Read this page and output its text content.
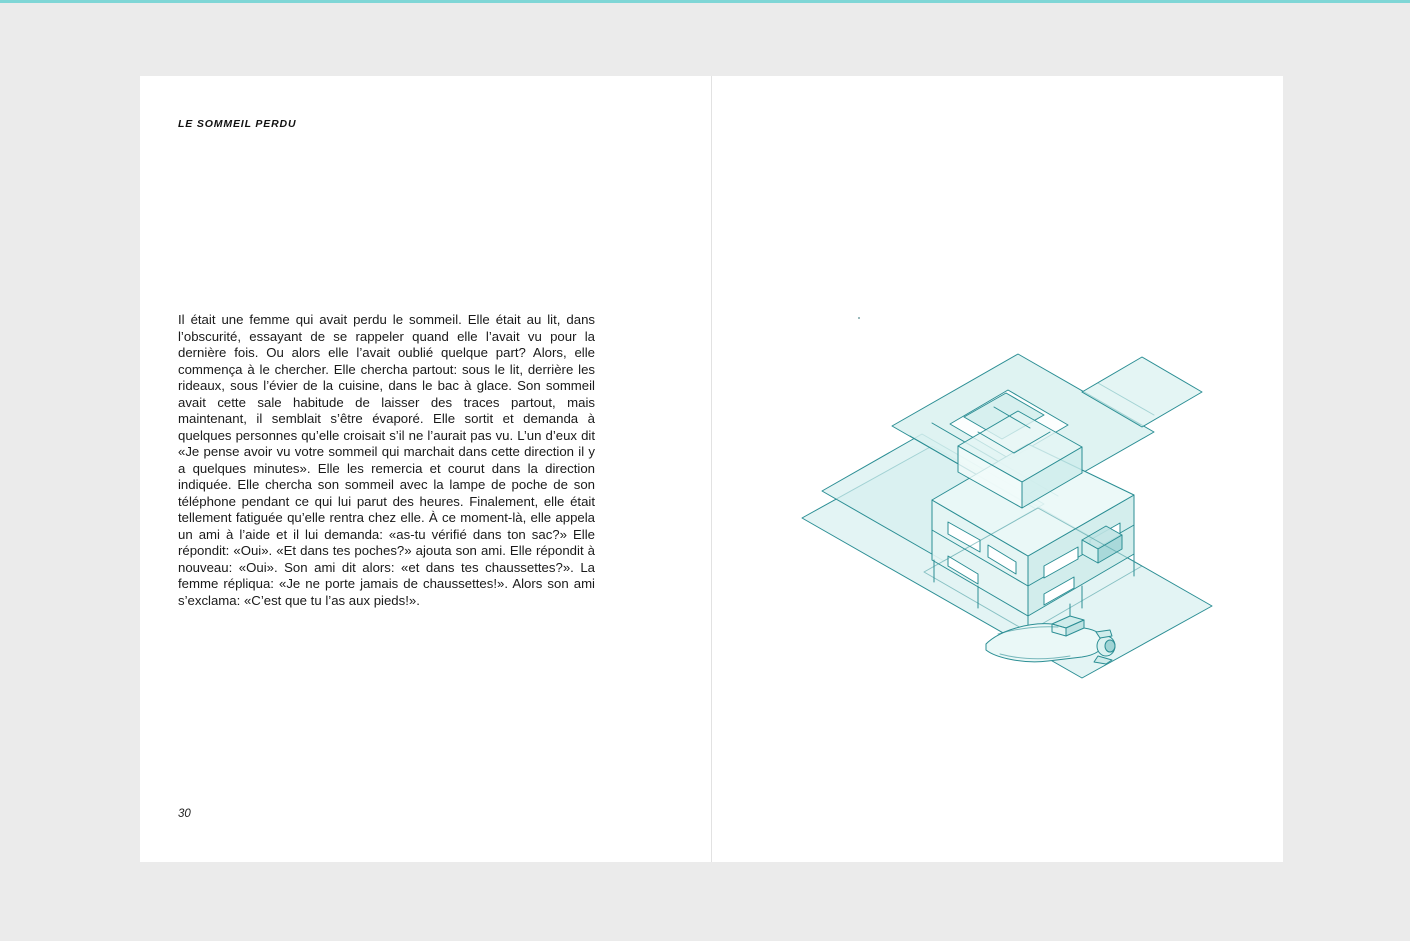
LE SOMMEIL PERDU
Il était une femme qui avait perdu le sommeil. Elle était au lit, dans l’obscurité, essayant de se rappeler quand elle l’avait vu pour la dernière fois. Ou alors elle l’avait oublié quelque part? Alors, elle commença à le chercher. Elle chercha partout: sous le lit, derrière les rideaux, sous l’évier de la cuisine, dans le bac à glace. Son sommeil avait cette sale habitude de laisser des traces partout, mais maintenant, il semblait s’être évaporé. Elle sortit et demanda à quelques personnes qu’elle croisait s’il ne l’aurait pas vu. L’un d’eux dit «Je pense avoir vu votre sommeil qui marchait dans cette direction il y a quelques minutes». Elle les remercia et courut dans la direction indiquée. Elle chercha son sommeil avec la lampe de poche de son téléphone pendant ce qui lui parut des heures. Finalement, elle était tellement fatiguée qu’elle rentra chez elle. À ce moment-là, elle appela un ami à l’aide et il lui demanda: «as-tu vérifié dans ton sac?» Elle répondit: «Oui». «Et dans tes poches?» ajouta son ami. Elle répondit à nouveau: «Oui». Son ami dit alors: «et dans tes chaussettes?». La femme répliqua: «Je ne porte jamais de chaussettes!». Alors son ami s’exclama: «C’est que tu l’as aux pieds!».
30
